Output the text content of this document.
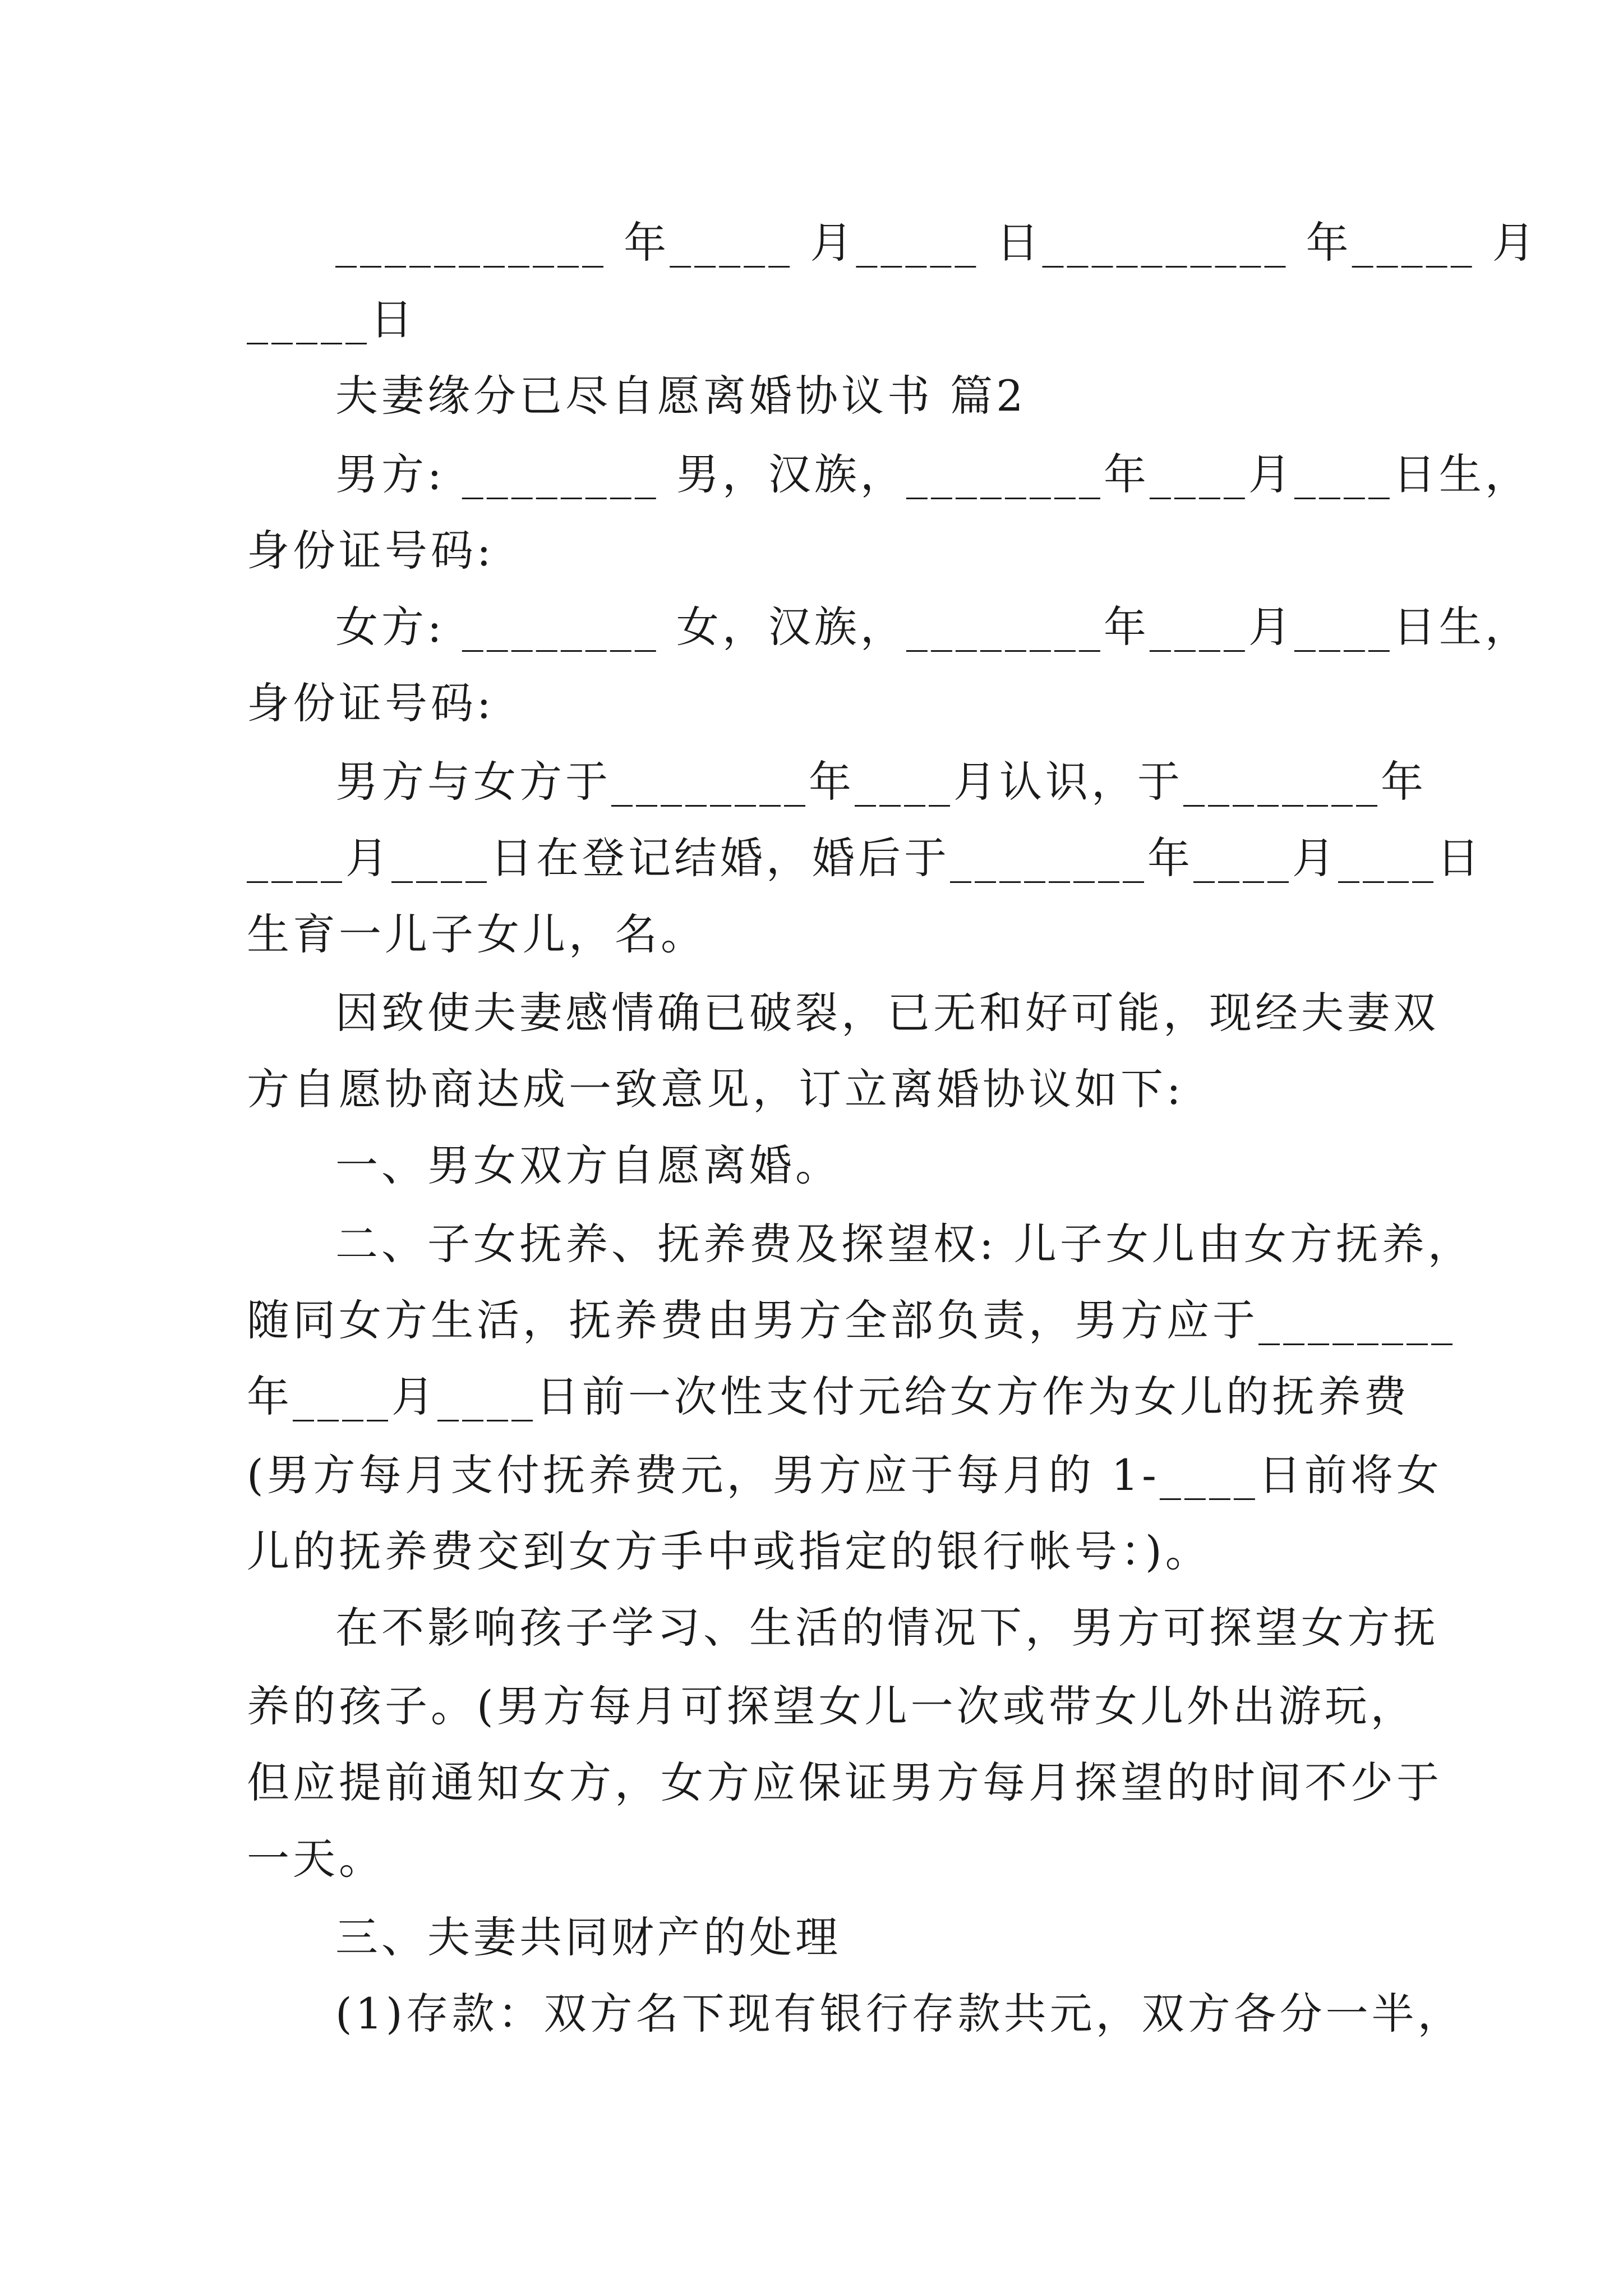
___________ 年_____ 月_____ 日__________ 年_____ 月
_____日
夫妻缘分已尽自愿离婚协议书 篇2
男方: ________ 男，汉族，________年____月____日生，
身份证号码:
女方: ________ 女，汉族，________年____月____日生，
身份证号码:
男方与女方于________年____月认识，于________年
____月____日在登记结婚，婚后于________年____月____日
生育一儿子女儿，名。
因致使夫妻感情确已破裂，已无和好可能，现经夫妻双
方自愿协商达成一致意见，订立离婚协议如下:
一、男女双方自愿离婚。
二、子女抚养、抚养费及探望权: 儿子女儿由女方抚养，
随同女方生活，抚养费由男方全部负责，男方应于________
年____月____日前一次性支付元给女方作为女儿的抚养费
(男方每月支付抚养费元，男方应于每月的 1-____日前将女
儿的抚养费交到女方手中或指定的银行帐号：)。
在不影响孩子学习、生活的情况下，男方可探望女方抚
养的孩子。(男方每月可探望女儿一次或带女儿外出游玩，
但应提前通知女方，女方应保证男方每月探望的时间不少于
一天。
三、夫妻共同财产的处理
(1)存款：双方名下现有银行存款共元，双方各分一半，
